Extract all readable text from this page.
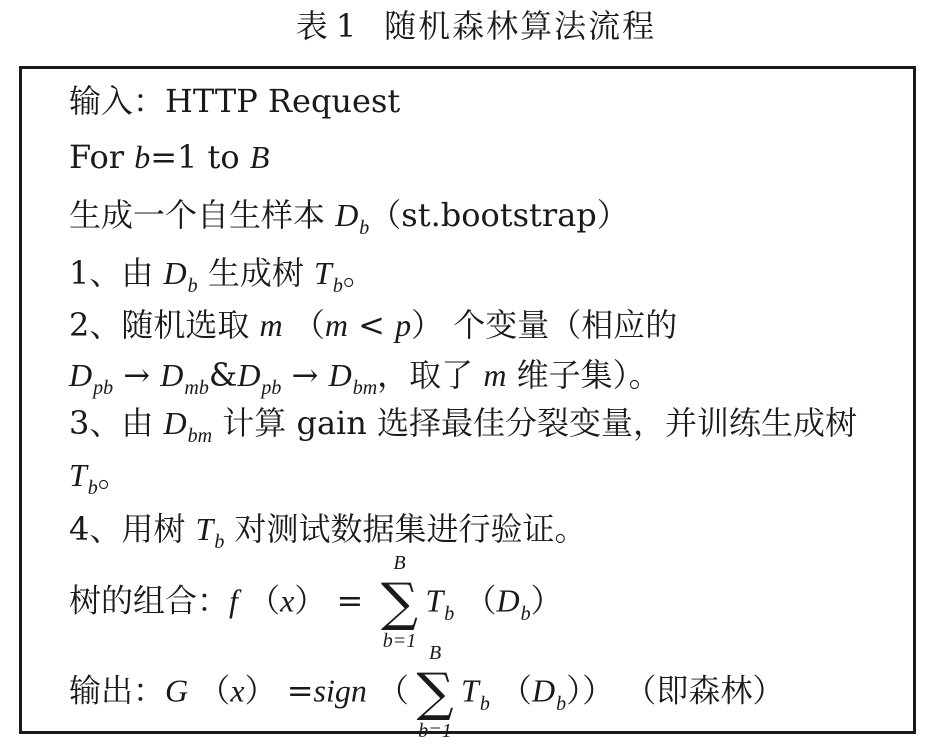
表 1 随机森林算法流程
输入：HTTP Request
For b=1 to B
生成一个自生样本 $D_b(st.bootstrap)$
1、由 $D_b$ 生成树 $T_b$。
2、随机选取 m （m < p） 个变量（相应的
$D_{pb}$ → $D_{mb}\&D_{pb} \to D_{bm}$，取了 m 维子集）。
3、由 $D_{bm}$ 计算 gain 选择最佳分裂变量，并训练生成树
$T_b$。
4、用树 $T_b$ 对测试数据集进行验证。
树的组合：f （x） =
B
∑
b=1
$T_b$ $(D_b)$
输出：G （x） =sign （
B
∑
b=1
$T_b$ $(D_b)$） （即森林）
